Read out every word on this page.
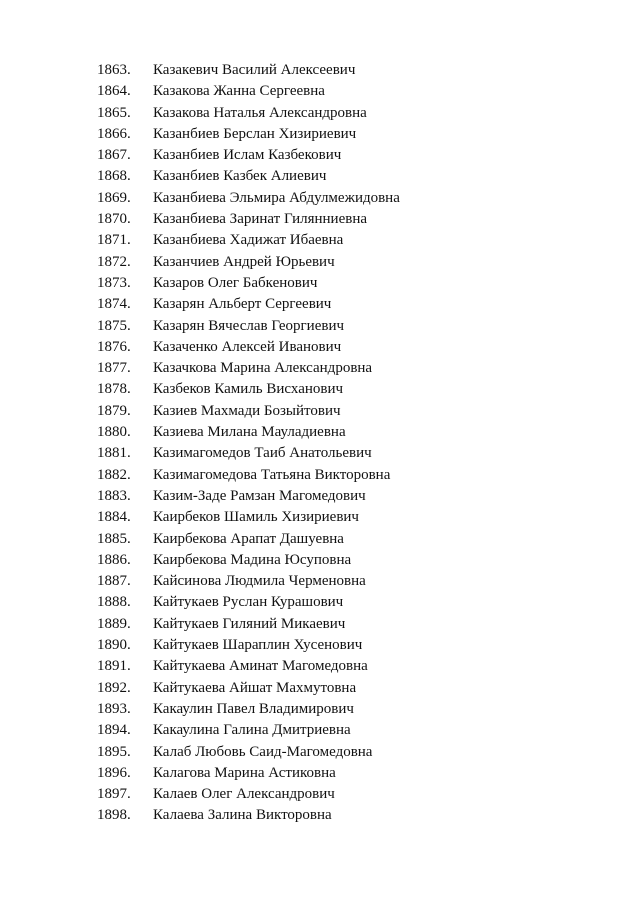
1863.	Казакевич Василий Алексеевич
1864.	Казакова Жанна Сергеевна
1865.	Казакова Наталья Александровна
1866.	Казанбиев Берслан Хизириевич
1867.	Казанбиев Ислам Казбекович
1868.	Казанбиев Казбек Алиевич
1869.	Казанбиева Эльмира Абдулмежидовна
1870.	Казанбиева Заринат Гилянниевна
1871.	Казанбиева Хадижат Ибаевна
1872.	Казанчиев Андрей Юрьевич
1873.	Казаров Олег Бабкенович
1874.	Казарян Альберт Сергеевич
1875.	Казарян Вячеслав Георгиевич
1876.	Казаченко Алексей Иванович
1877.	Казачкова Марина Александровна
1878.	Казбеков Камиль Висханович
1879.	Казиев Махмади Бозыйтович
1880.	Казиева Милана Мауладиевна
1881.	Казимагомедов Таиб Анатольевич
1882.	Казимагомедова Татьяна Викторовна
1883.	Казим-Заде Рамзан Магомедович
1884.	Каирбеков Шамиль Хизириевич
1885.	Каирбекова Арапат Дашуевна
1886.	Каирбекова Мадина Юсуповна
1887.	Кайсинова Людмила Черменовна
1888.	Кайтукаев Руслан Курашович
1889.	Кайтукаев Гиляний Микаевич
1890.	Кайтукаев Шараплин Хусенович
1891.	Кайтукаева Аминат Магомедовна
1892.	Кайтукаева Айшат Махмутовна
1893.	Какаулин Павел Владимирович
1894.	Какаулина Галина Дмитриевна
1895.	Калаб Любовь Саид-Магомедовна
1896.	Калагова Марина Астиковна
1897.	Калаев Олег Александрович
1898.	Калаева Залина Викторовна
